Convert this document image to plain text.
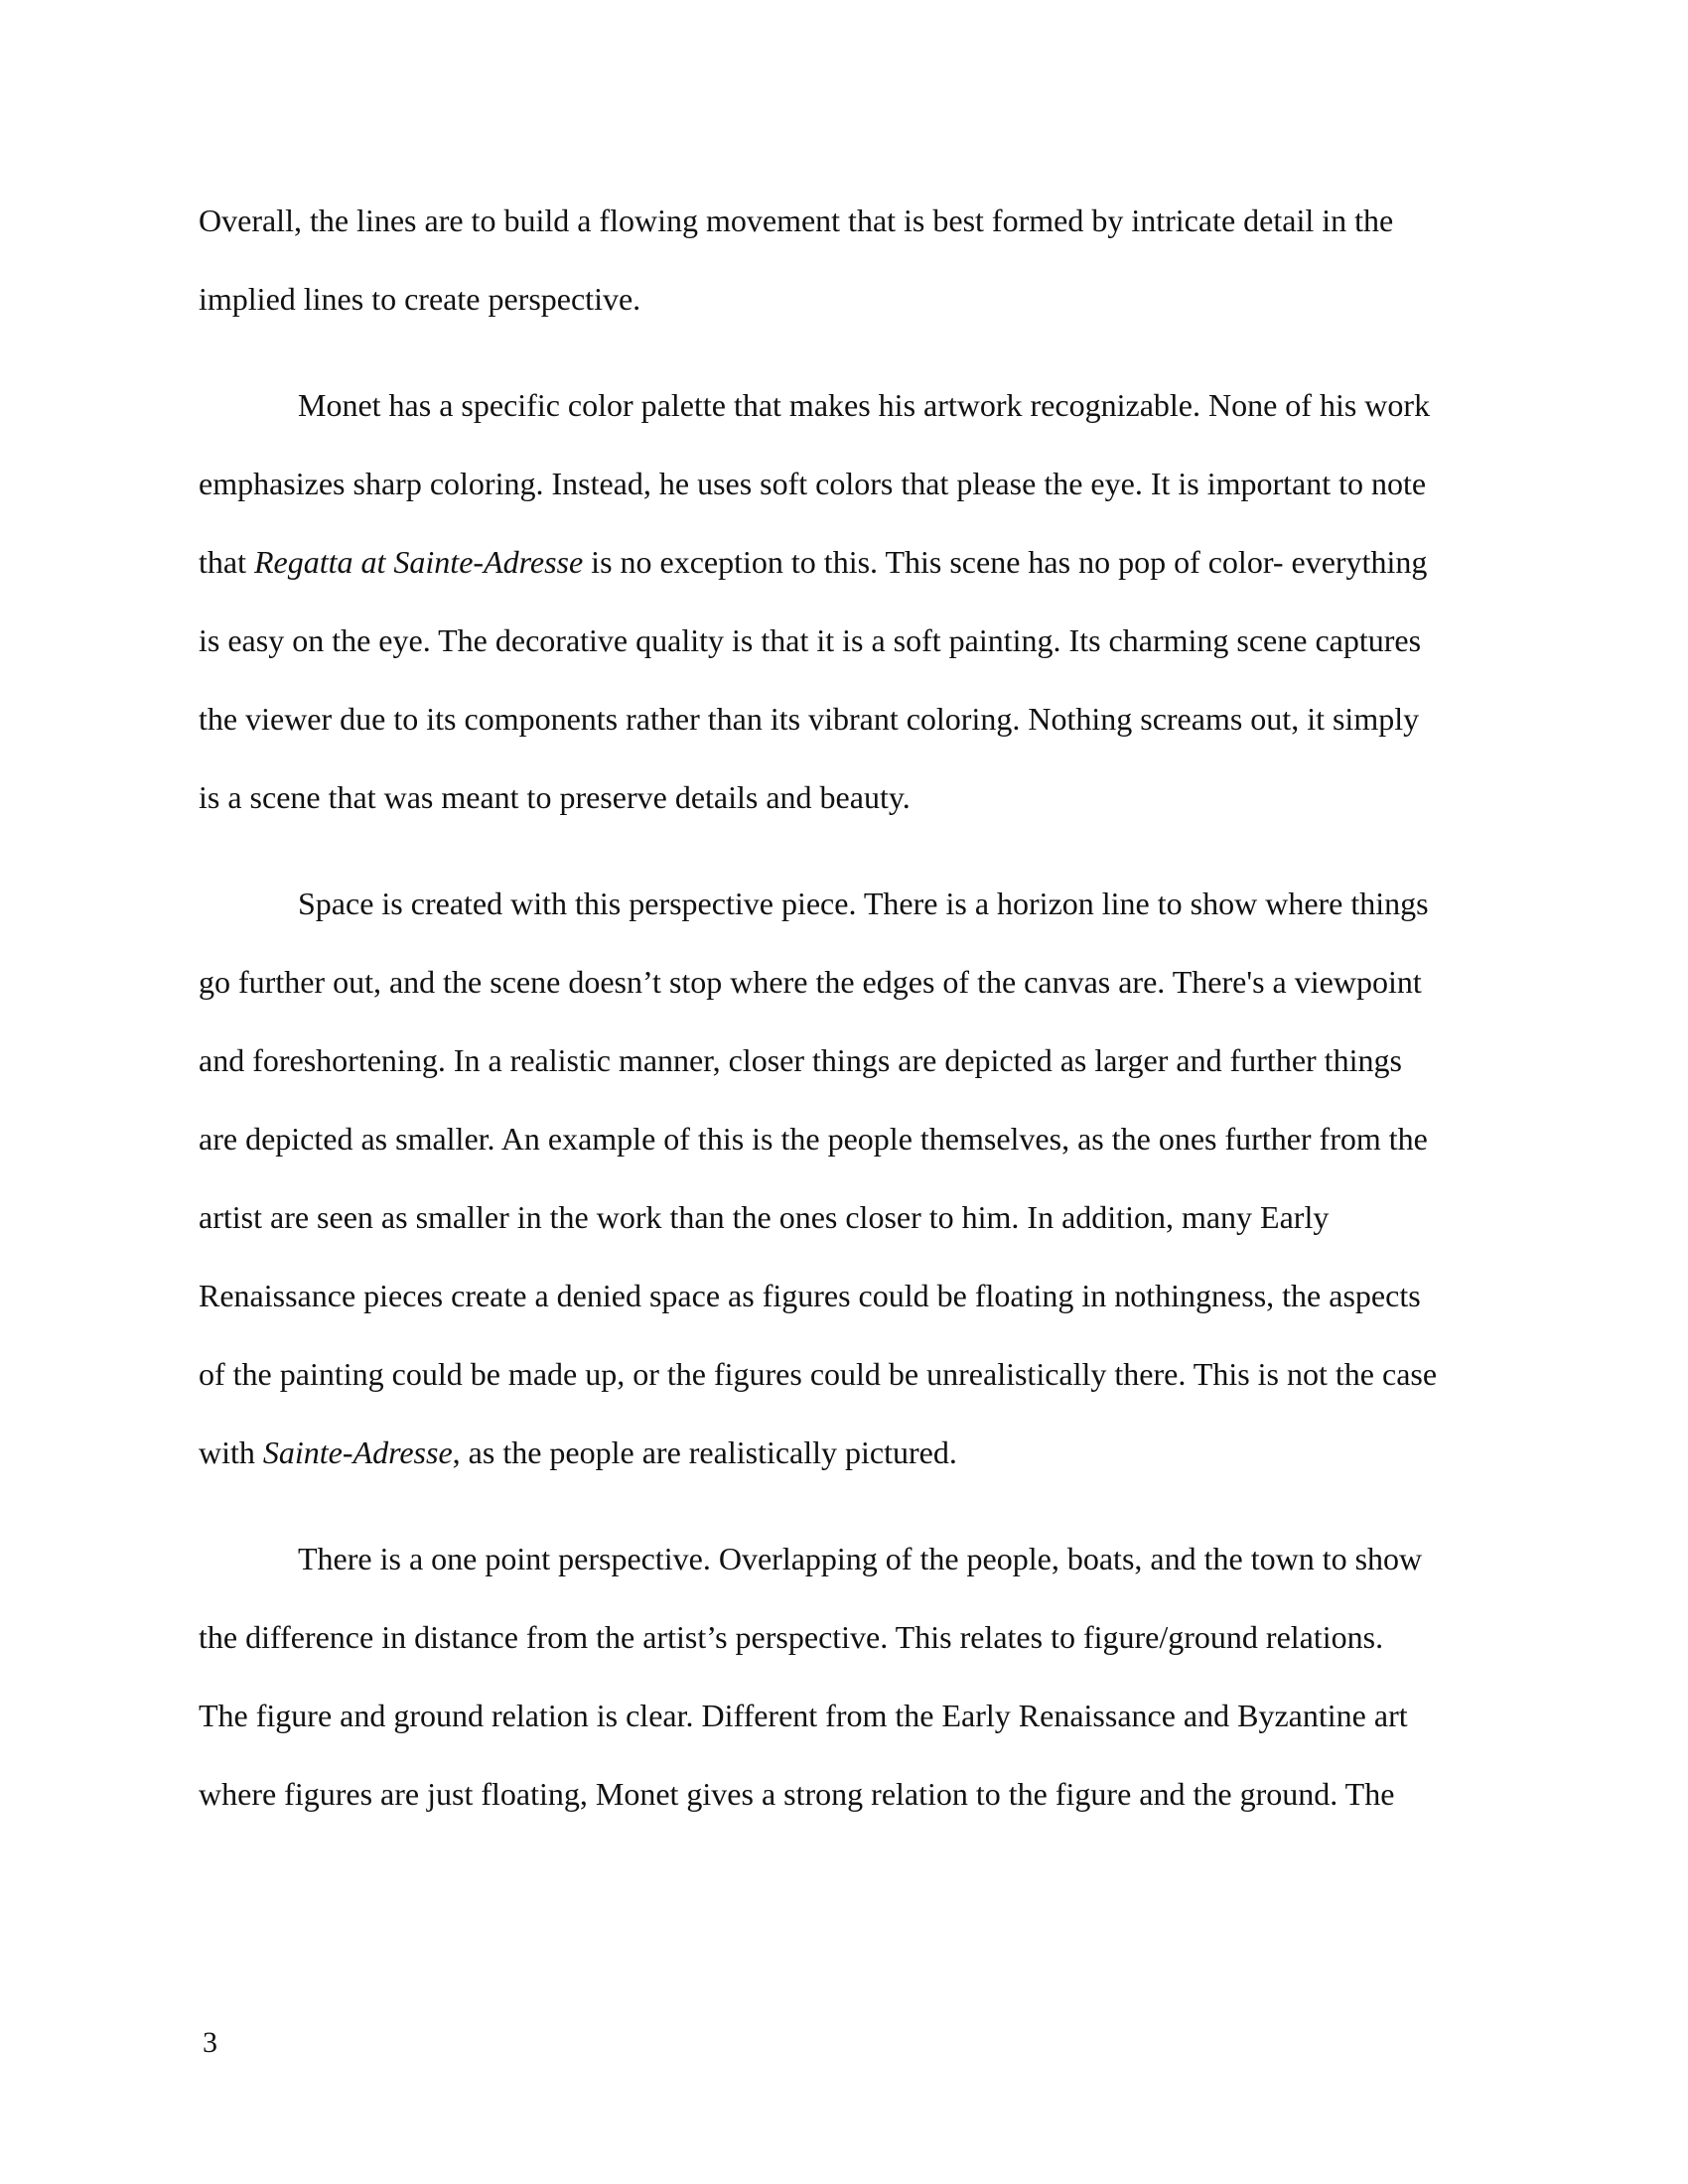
Overall, the lines are to build a flowing movement that is best formed by intricate detail in the
implied lines to create perspective.
Monet has a specific color palette that makes his artwork recognizable. None of his work
emphasizes sharp coloring. Instead, he uses soft colors that please the eye. It is important to note
that Regatta at Sainte-Adresse is no exception to this. This scene has no pop of color- everything
is easy on the eye. The decorative quality is that it is a soft painting. Its charming scene captures
the viewer due to its components rather than its vibrant coloring. Nothing screams out, it simply
is a scene that was meant to preserve details and beauty.
Space is created with this perspective piece. There is a horizon line to show where things
go further out, and the scene doesn’t stop where the edges of the canvas are. There's a viewpoint
and foreshortening. In a realistic manner, closer things are depicted as larger and further things
are depicted as smaller. An example of this is the people themselves, as the ones further from the
artist are seen as smaller in the work than the ones closer to him. In addition, many Early
Renaissance pieces create a denied space as figures could be floating in nothingness, the aspects
of the painting could be made up, or the figures could be unrealistically there. This is not the case
with Sainte-Adresse, as the people are realistically pictured.
There is a one point perspective. Overlapping of the people, boats, and the town to show
the difference in distance from the artist’s perspective. This relates to figure/ground relations.
The figure and ground relation is clear. Different from the Early Renaissance and Byzantine art
where figures are just floating, Monet gives a strong relation to the figure and the ground. The
3
